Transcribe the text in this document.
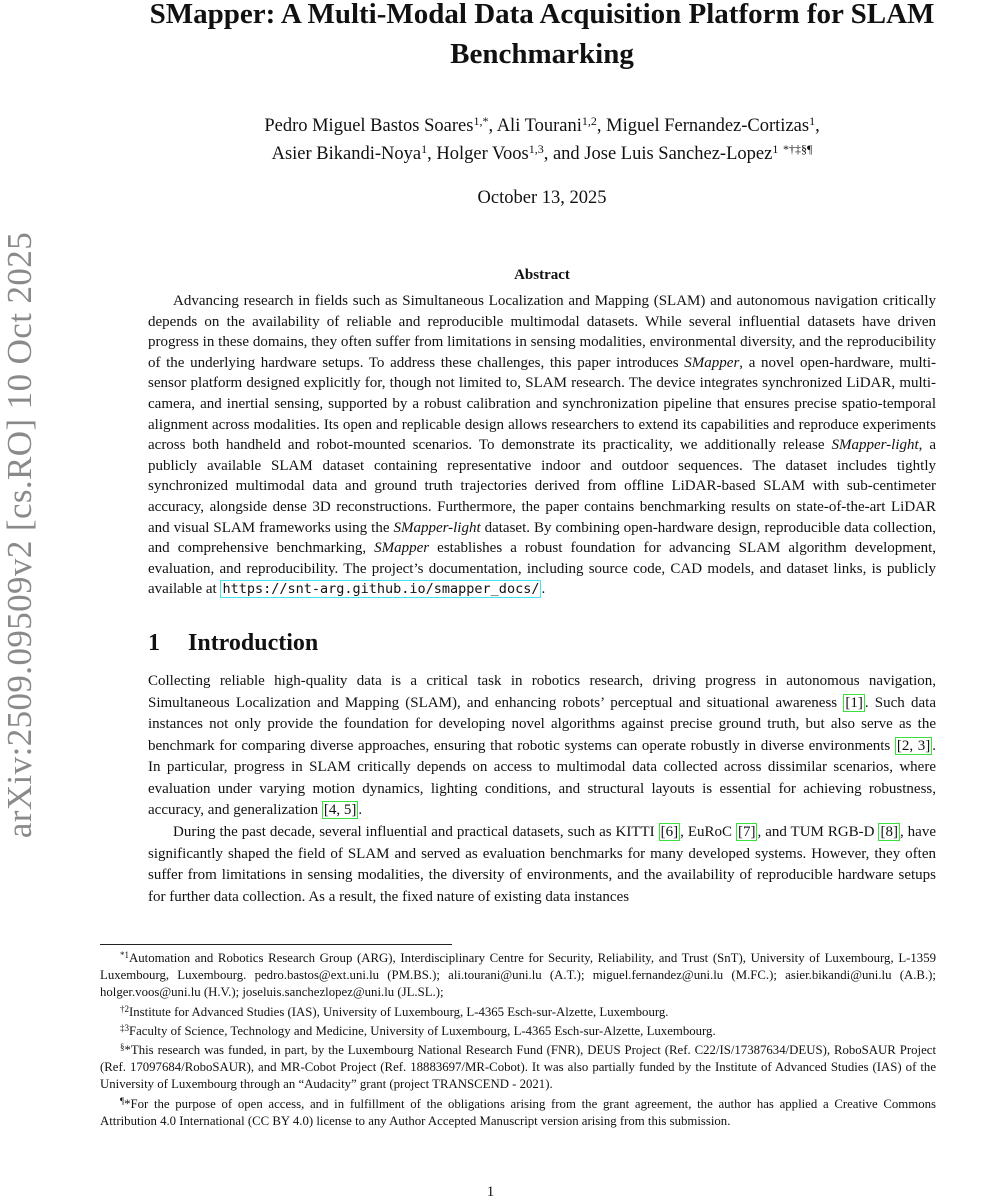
arXiv:2509.09509v2 [cs.RO] 10 Oct 2025
SMapper: A Multi-Modal Data Acquisition Platform for SLAM
Benchmarking
Pedro Miguel Bastos Soares$^{1,*}$, Ali Tourani$^{1,2}$, Miguel Fernandez-Cortizas$^1$,
Asier Bikandi-Noya$^1$, Holger Voos$^{1,3}$, and Jose Luis Sanchez-Lopez$^1$ *†‡§¶
October 13, 2025
Abstract

Advancing research in fields such as Simultaneous Localization and Mapping (SLAM) and autonomous navigation critically depends on the availability of reliable and reproducible multimodal datasets. While several influential datasets have driven progress in these domains, they often suffer from limitations in sensing modalities, environmental diversity, and the reproducibility of the underlying hardware setups. To address these challenges, this paper introduces SMapper, a novel open-hardware, multi-sensor platform designed explicitly for, though not limited to, SLAM research. The device integrates synchronized LiDAR, multi-camera, and inertial sensing, supported by a robust calibration and synchronization pipeline that ensures precise spatio-temporal alignment across modalities. Its open and replicable design allows researchers to extend its capabilities and reproduce experiments across both handheld and robot-mounted scenarios. To demonstrate its practicality, we additionally release SMapper-light, a publicly available SLAM dataset containing representative indoor and outdoor sequences. The dataset includes tightly synchronized multimodal data and ground truth trajectories derived from offline LiDAR-based SLAM with sub-centimeter accuracy, alongside dense 3D reconstructions. Furthermore, the paper contains benchmarking results on state-of-the-art LiDAR and visual SLAM frameworks using the SMapper-light dataset. By combining open-hardware design, reproducible data collection, and comprehensive benchmarking, SMapper establishes a robust foundation for advancing SLAM algorithm development, evaluation, and reproducibility. The project’s documentation, including source code, CAD models, and dataset links, is publicly available at https://snt-arg.github.io/smapper_docs/ .

1 Introduction

Collecting reliable high-quality data is a critical task in robotics research, driving progress in autonomous navigation, Simultaneous Localization and Mapping (SLAM), and enhancing robots’ perceptual and situational awareness [1] . Such data instances not only provide the foundation for developing novel algorithms against precise ground truth, but also serve as the benchmark for comparing diverse approaches, ensuring that robotic systems can operate robustly in diverse environments [2, 3] . In particular, progress in SLAM critically depends on access to multimodal data collected across dissimilar scenarios, where evaluation under varying motion dynamics, lighting conditions, and structural layouts is essential for achieving robustness, accuracy, and generalization [4, 5] .

During the past decade, several influential and practical datasets, such as KITTI [6] , EuRoC [7] , and TUM RGB-D [8] , have significantly shaped the field of SLAM and served as evaluation benchmarks for many developed systems. However, they often suffer from limitations in sensing modalities, the diversity of environments, and the availability of reproducible hardware setups for further data collection. As a result, the fixed nature of existing data instances

$^{*1}$Automation and Robotics Research Group (ARG), Interdisciplinary Centre for Security, Reliability, and Trust (SnT), University of Luxembourg, L-1359 Luxembourg, Luxembourg. pedro.bastos@ext.uni.lu (PM.BS.); ali.tourani@uni.lu (A.T.); miguel.fernandez@uni.lu (M.FC.); asier.bikandi@uni.lu (A.B.); holger.voos@uni.lu (H.V.); joseluis.sanchezlopez@uni.lu (JL.SL.);

$^{\dagger 2}$Institute for Advanced Studies (IAS), University of Luxembourg, L-4365 Esch-sur-Alzette, Luxembourg.

$^{\ddagger 3}$Faculty of Science, Technology and Medicine, University of Luxembourg, L-4365 Esch-sur-Alzette, Luxembourg.

§*This research was funded, in part, by the Luxembourg National Research Fund (FNR), DEUS Project (Ref. C22/IS/17387634/DEUS), RoboSAUR Project (Ref. 17097684/RoboSAUR), and MR-Cobot Project (Ref. 18883697/MR-Cobot). It was also partially funded by the Institute of Advanced Studies (IAS) of the University of Luxembourg through an “Audacity” grant (project TRANSCEND - 2021).

¶*For the purpose of open access, and in fulfillment of the obligations arising from the grant agreement, the author has applied a Creative Commons Attribution 4.0 International (CC BY 4.0) license to any Author Accepted Manuscript version arising from this submission.

1
